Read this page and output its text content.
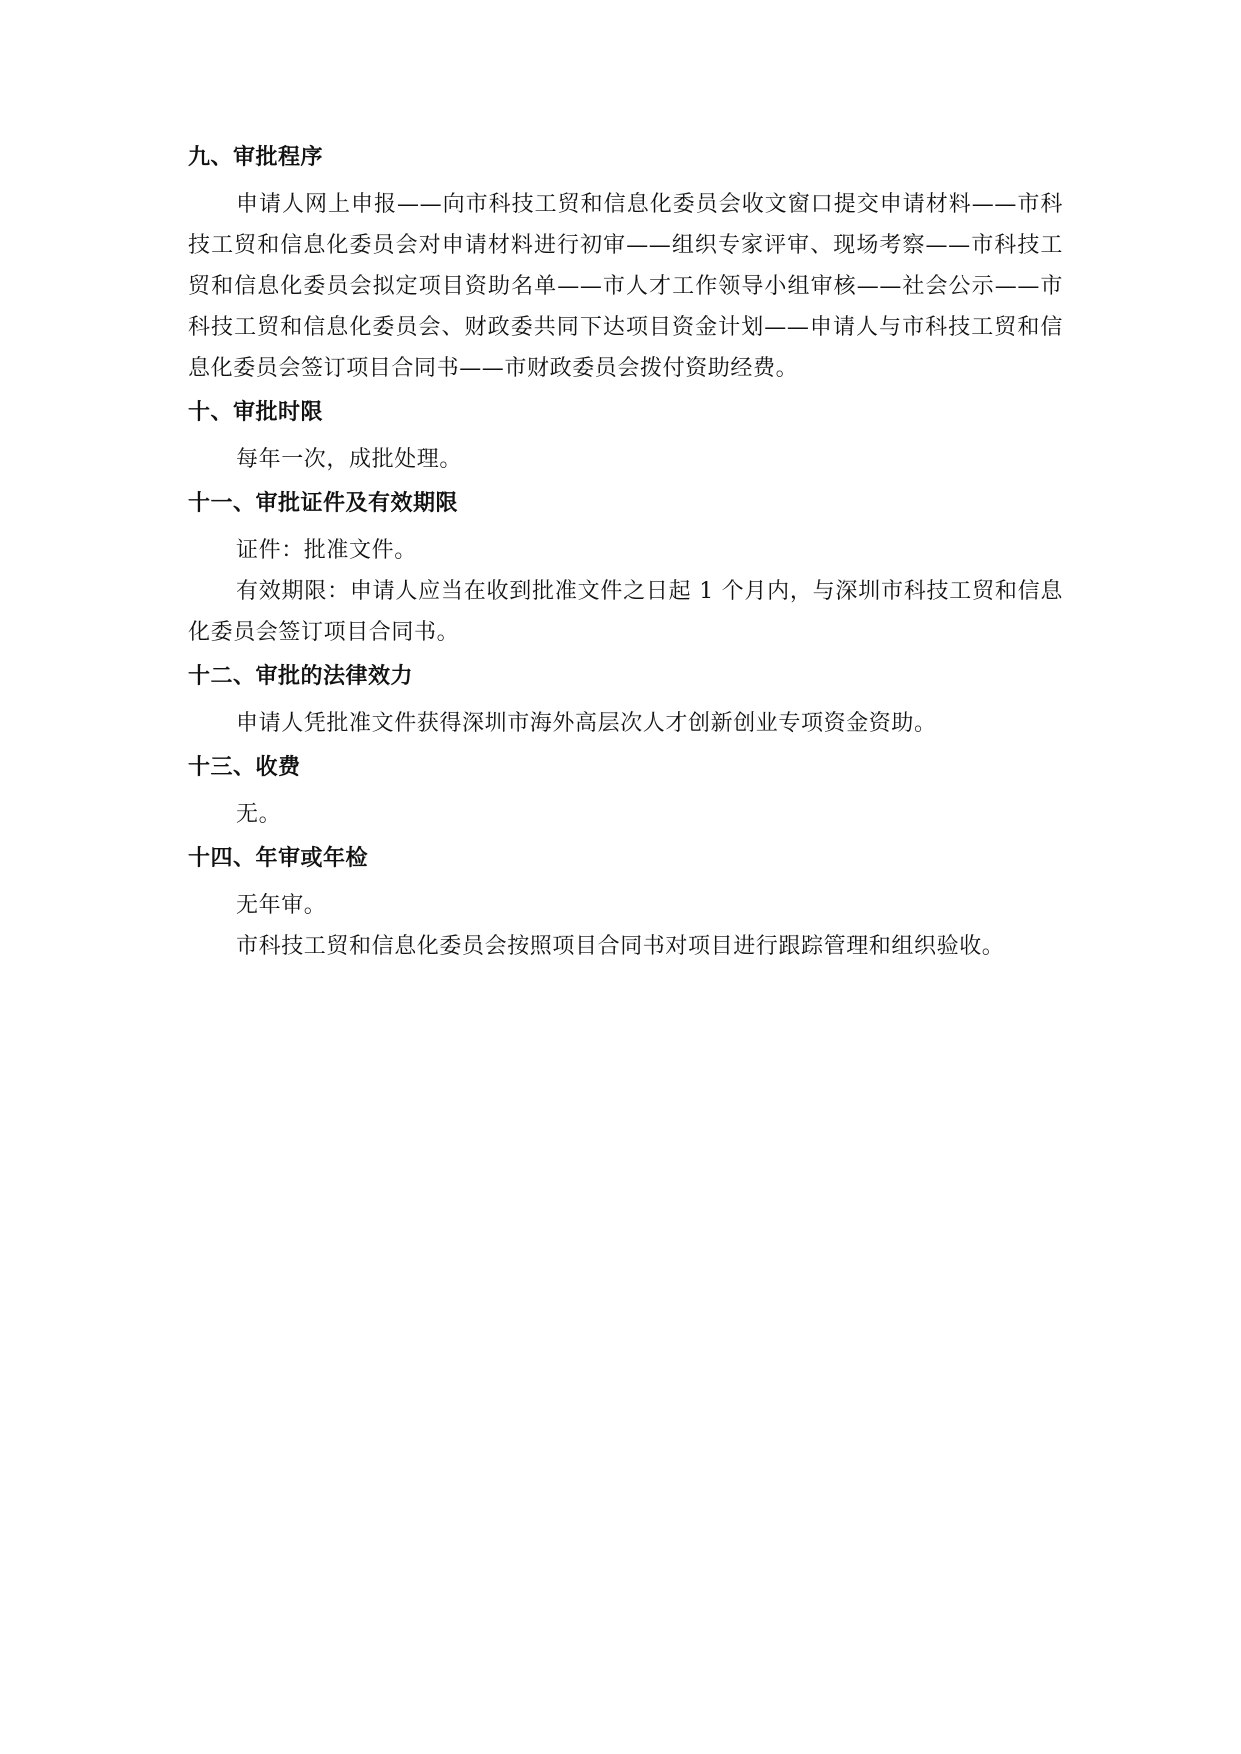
九、审批程序

申请人网上申报——向市科技工贸和信息化委员会收文窗口提交申请材料——市科技工贸和信息化委员会对申请材料进行初审——组织专家评审、现场考察——市科技工贸和信息化委员会拟定项目资助名单——市人才工作领导小组审核——社会公示——市科技工贸和信息化委员会、财政委共同下达项目资金计划——申请人与市科技工贸和信息化委员会签订项目合同书——市财政委员会拨付资助经费。

十、审批时限

每年一次，成批处理。

十一、审批证件及有效期限

证件：批准文件。

有效期限：申请人应当在收到批准文件之日起 1 个月内，与深圳市科技工贸和信息化委员会签订项目合同书。

十二、审批的法律效力

申请人凭批准文件获得深圳市海外高层次人才创新创业专项资金资助。

十三、收费

无。

十四、年审或年检

无年审。

市科技工贸和信息化委员会按照项目合同书对项目进行跟踪管理和组织验收。
